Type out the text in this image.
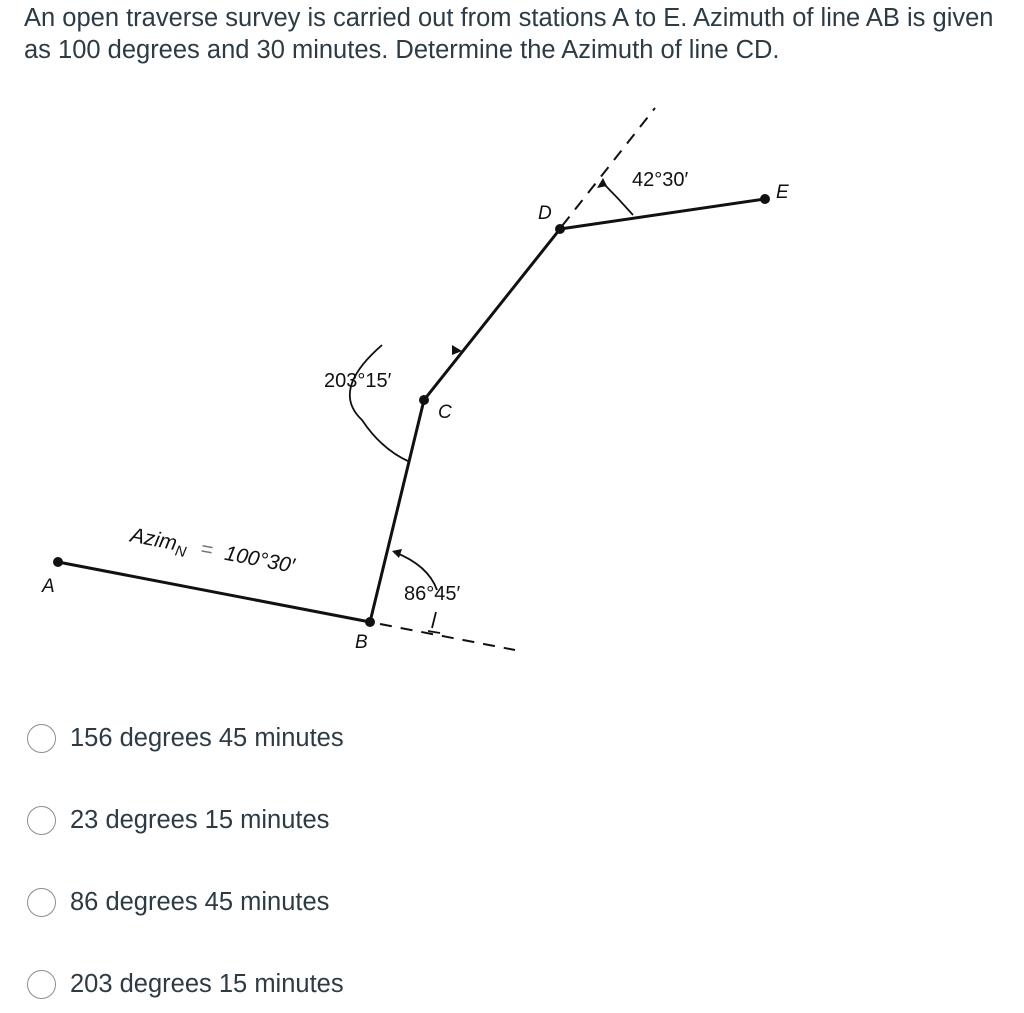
An open traverse survey is carried out from stations A to E. Azimuth of line AB is given as 100 degrees and 30 minutes. Determine the Azimuth of line CD.
A
B
C
D
E
Azim$_N$ = 100°30′
86°45′
203°15′
42°30′
156 degrees 45 minutes
23 degrees 15 minutes
86 degrees 45 minutes
203 degrees 15 minutes
